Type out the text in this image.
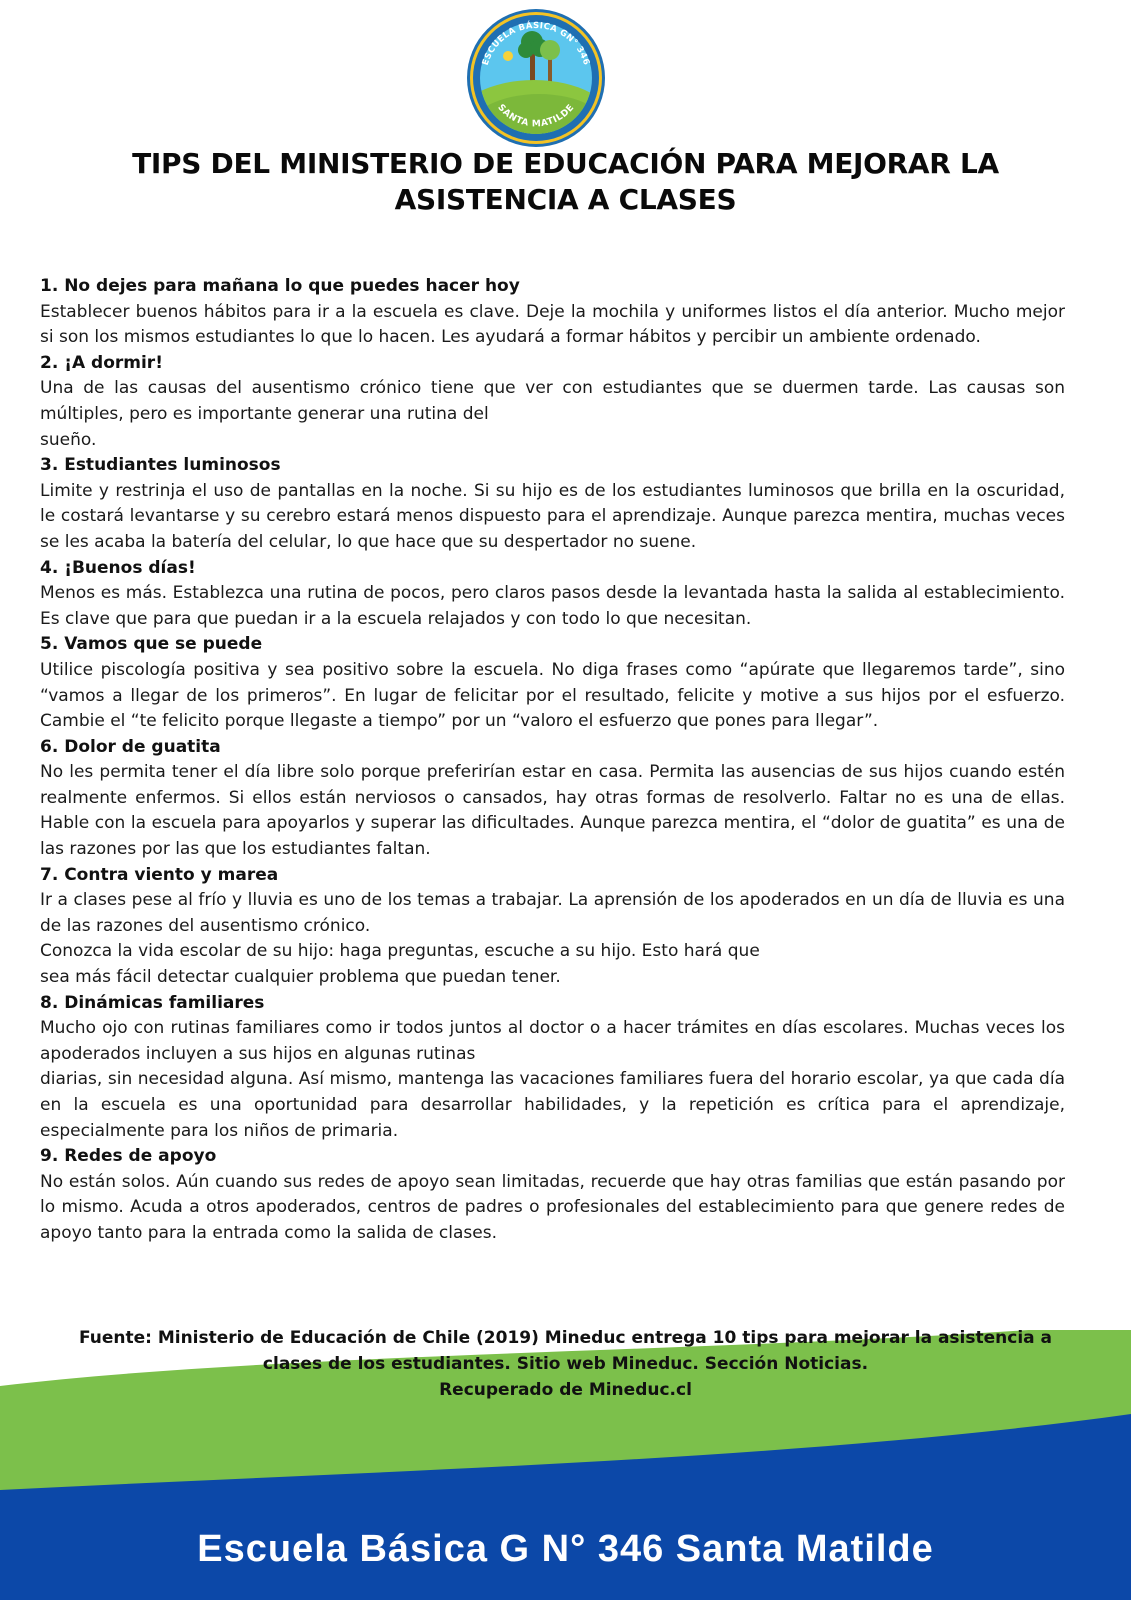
ESCUELA BÁSICA GN° 346
SANTA MATILDE
TIPS DEL MINISTERIO DE EDUCACIÓN PARA MEJORAR LA ASISTENCIA A CLASES
1. No dejes para mañana lo que puedes hacer hoy

Establecer buenos hábitos para ir a la escuela es clave. Deje la mochila y uniformes listos el día anterior. Mucho mejor si son los mismos estudiantes lo que lo hacen. Les ayudará a formar hábitos y percibir un ambiente ordenado.

2. ¡A dormir!

Una de las causas del ausentismo crónico tiene que ver con estudiantes que se duermen tarde. Las causas son múltiples, pero es importante generar una rutina del

sueño.

3. Estudiantes luminosos

Limite y restrinja el uso de pantallas en la noche. Si su hijo es de los estudiantes luminosos que brilla en la oscuridad, le costará levantarse y su cerebro estará menos dispuesto para el aprendizaje. Aunque parezca mentira, muchas veces se les acaba la batería del celular, lo que hace que su despertador no suene.

4. ¡Buenos días!

Menos es más. Establezca una rutina de pocos, pero claros pasos desde la levantada hasta la salida al establecimiento. Es clave que para que puedan ir a la escuela relajados y con todo lo que necesitan.

5. Vamos que se puede

Utilice piscología positiva y sea positivo sobre la escuela. No diga frases como “apúrate que llegaremos tarde”, sino “vamos a llegar de los primeros”. En lugar de felicitar por el resultado, felicite y motive a sus hijos por el esfuerzo. Cambie el “te felicito porque llegaste a tiempo” por un “valoro el esfuerzo que pones para llegar”.

6. Dolor de guatita

No les permita tener el día libre solo porque preferirían estar en casa. Permita las ausencias de sus hijos cuando estén realmente enfermos. Si ellos están nerviosos o cansados, hay otras formas de resolverlo. Faltar no es una de ellas. Hable con la escuela para apoyarlos y superar las dificultades. Aunque parezca mentira, el “dolor de guatita” es una de las razones por las que los estudiantes faltan.

7. Contra viento y marea

Ir a clases pese al frío y lluvia es uno de los temas a trabajar. La aprensión de los apoderados en un día de lluvia es una de las razones del ausentismo crónico.

Conozca la vida escolar de su hijo: haga preguntas, escuche a su hijo. Esto hará que

sea más fácil detectar cualquier problema que puedan tener.

8. Dinámicas familiares

Mucho ojo con rutinas familiares como ir todos juntos al doctor o a hacer trámites en días escolares. Muchas veces los apoderados incluyen a sus hijos en algunas rutinas

diarias, sin necesidad alguna. Así mismo, mantenga las vacaciones familiares fuera del horario escolar, ya que cada día en la escuela es una oportunidad para desarrollar habilidades, y la repetición es crítica para el aprendizaje, especialmente para los niños de primaria.

9. Redes de apoyo

No están solos. Aún cuando sus redes de apoyo sean limitadas, recuerde que hay otras familias que están pasando por lo mismo. Acuda a otros apoderados, centros de padres o profesionales del establecimiento para que genere redes de apoyo tanto para la entrada como la salida de clases.

Fuente: Ministerio de Educación de Chile (2019) Mineduc entrega 10 tips para mejorar la asistencia a
clases de los estudiantes. Sitio web Mineduc. Sección Noticias.
Recuperado de Mineduc.cl

Escuela Básica G N° 346 Santa Matilde
